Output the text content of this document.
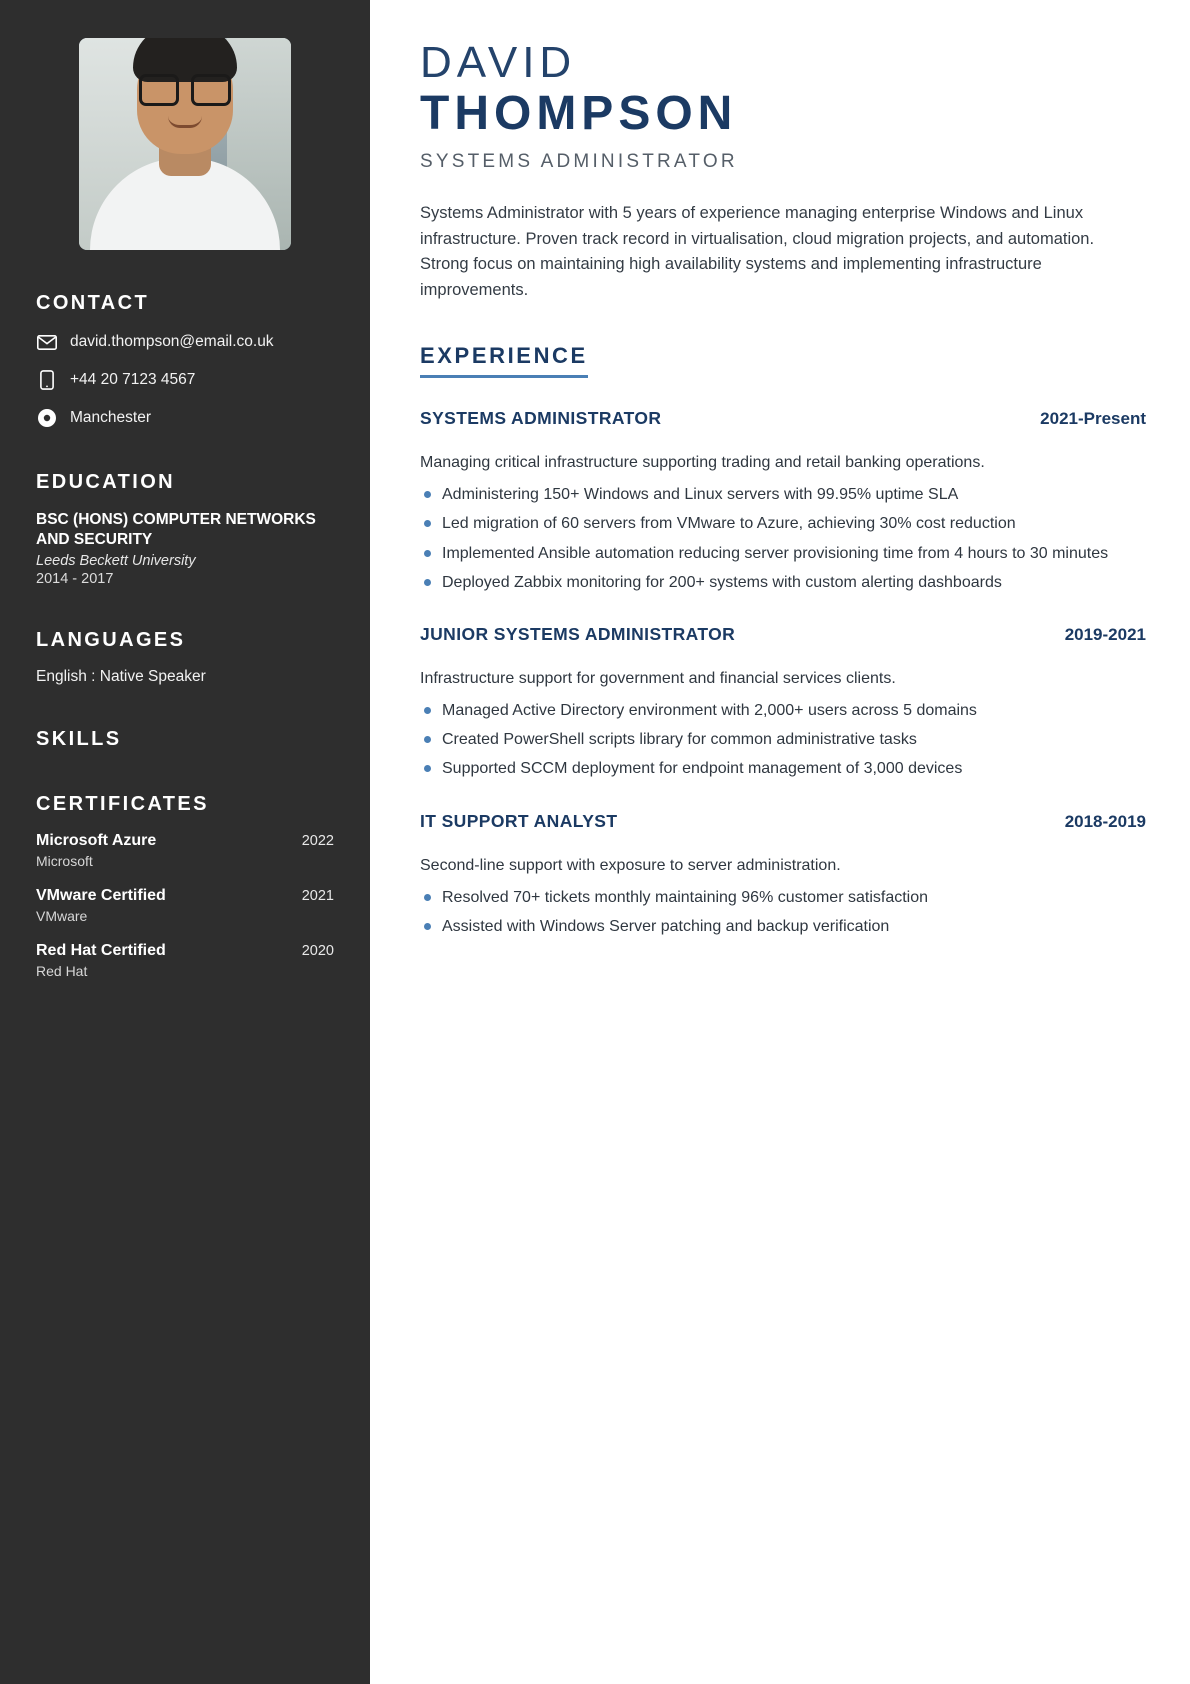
CONTACT
david.thompson@email.co.uk
+44 20 7123 4567
Manchester
EDUCATION
BSC (HONS) COMPUTER NETWORKS AND SECURITY
Leeds Beckett University
2014 - 2017
LANGUAGES
English : Native Speaker
SKILLS
CERTIFICATES
Microsoft Azure	2022
Microsoft
VMware Certified	2021
VMware
Red Hat Certified	2020
Red Hat
DAVID
THOMPSON
SYSTEMS ADMINISTRATOR

Systems Administrator with 5 years of experience managing enterprise Windows and Linux infrastructure. Proven track record in virtualisation, cloud migration projects, and automation. Strong focus on maintaining high availability systems and implementing infrastructure improvements.

EXPERIENCE
SYSTEMS ADMINISTRATOR	2021-Present

Managing critical infrastructure supporting trading and retail banking operations.

Administering 150+ Windows and Linux servers with 99.95% uptime SLA
Led migration of 60 servers from VMware to Azure, achieving 30% cost reduction
Implemented Ansible automation reducing server provisioning time from 4 hours to 30 minutes
Deployed Zabbix monitoring for 200+ systems with custom alerting dashboards
JUNIOR SYSTEMS ADMINISTRATOR	2019-2021

Infrastructure support for government and financial services clients.

Managed Active Directory environment with 2,000+ users across 5 domains
Created PowerShell scripts library for common administrative tasks
Supported SCCM deployment for endpoint management of 3,000 devices
IT SUPPORT ANALYST	2018-2019

Second-line support with exposure to server administration.

Resolved 70+ tickets monthly maintaining 96% customer satisfaction
Assisted with Windows Server patching and backup verification
